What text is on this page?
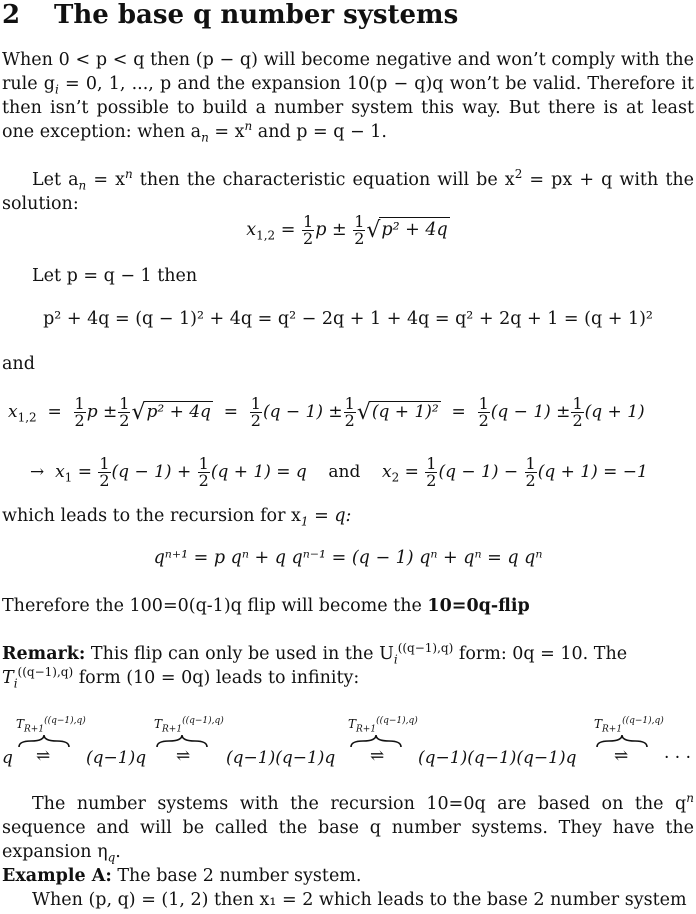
2 The base q number systems

When 0 < p < q then (p − q) will become negative and won’t comply with the rule $g_i = 0$, 1, ..., p and the expansion 10(p − q)q won’t be valid. Therefore it then isn’t possible to build a number system this way. But there is at least one exception: when $a_n = x^n$ and p = q − 1.

Let $a_n = x^n$ then the characteristic equation will be $x^2$ = px + q with the solution:

$x_{1,2} = \frac{1}{2}$ $p \pm \frac{1}{2} √p^2 + 4q$

Let p = q − 1 then

p² + 4q = (q − 1)² + 4q = q² − 2q + 1 + 4q = q² + 2q + 1 = (q + 1)²

and

$x_{1,2} = \frac{1}{2}$ $p \pm \frac{1}{2} √p^2 + 4q = \frac{1}{2} (q - 1) \pm \frac{1}{2} √(q + 1)^2 = \frac{1}{2} (q - 1) \pm \frac{1}{2} (q + 1)$
→ $x_1 = \frac{1}{2} (q - 1) + \frac{1}{2} (q + 1) = q$ and $x_2 = \frac{1}{2} (q - 1) - \frac{1}{2} (q + 1) = -1$

which leads to the recursion for $x_1 = q$:

qⁿ⁺¹ = p qⁿ + q qⁿ⁻¹ = (q − 1) qⁿ + qⁿ = q qⁿ

Therefore the 100=0(q-1)q flip will become the 10=0q-flip

Remark: This flip can only be used in the $U_i^{((q-1),q)}$ form: 0q = 10. The
$T_i^{((q-1),q)}$ form (10 = 0q) leads to infinity:

q
$T_{R+1}^{((q-1),q)}$
⇌ (q−1)q
$T_{R+1}^{((q-1),q)}$
⇌ (q−1)(q−1)q
$T_{R+1}^{((q-1),q)}$
⇌ (q−1)(q−1)(q−1)q
$T_{R+1}^{((q-1),q)}$
⇌ · · ·

The number systems with the recursion 10=0q are based on the $q^n$ sequence and will be called the base q number systems. They have the expansion $\eta_q$.

Example A: The base 2 number system.

When (p, q) = (1, 2) then x₁ = 2 which leads to the base 2 number system
